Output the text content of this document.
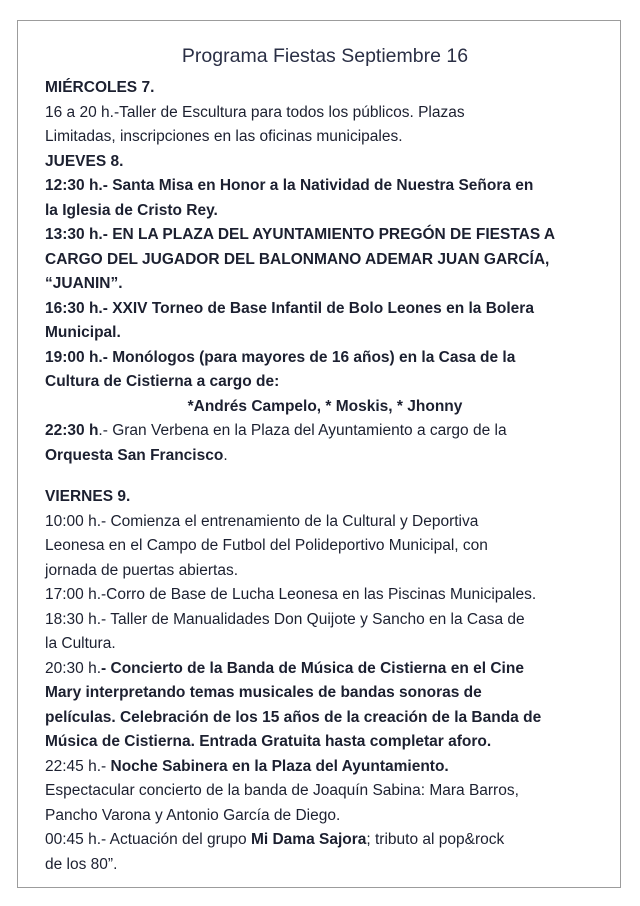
Programa Fiestas Septiembre 16
MIÉRCOLES 7.
16 a 20 h.-Taller de Escultura para todos los públicos. Plazas
Limitadas, inscripciones en las oficinas municipales.
JUEVES 8.
12:30 h.- Santa Misa en Honor a la Natividad de Nuestra Señora en
la Iglesia de Cristo Rey.
13:30 h.- EN LA PLAZA DEL AYUNTAMIENTO PREGÓN DE FIESTAS A
CARGO DEL JUGADOR DEL BALONMANO ADEMAR JUAN GARCÍA,
“JUANIN”.
16:30 h.- XXIV Torneo de Base Infantil de Bolo Leones en la Bolera
Municipal.
19:00 h.- Monólogos (para mayores de 16 años) en la Casa de la
Cultura de Cistierna a cargo de:
*Andrés Campelo, * Moskis, * Jhonny
22:30 h.- Gran Verbena en la Plaza del Ayuntamiento a cargo de la
Orquesta San Francisco.
VIERNES 9.
10:00 h.- Comienza el entrenamiento de la Cultural y Deportiva
Leonesa en el Campo de Futbol del Polideportivo Municipal, con
jornada de puertas abiertas.
17:00 h.-Corro de Base de Lucha Leonesa en las Piscinas Municipales.
18:30 h.- Taller de Manualidades Don Quijote y Sancho en la Casa de
la Cultura.
20:30 h.- Concierto de la Banda de Música de Cistierna en el Cine
Mary interpretando temas musicales de bandas sonoras de
películas. Celebración de los 15 años de la creación de la Banda de
Música de Cistierna. Entrada Gratuita hasta completar aforo.
22:45 h.- Noche Sabinera en la Plaza del Ayuntamiento.
Espectacular concierto de la banda de Joaquín Sabina: Mara Barros,
Pancho Varona y Antonio García de Diego.
00:45 h.- Actuación del grupo Mi Dama Sajora; tributo al pop&rock
de los 80”.
